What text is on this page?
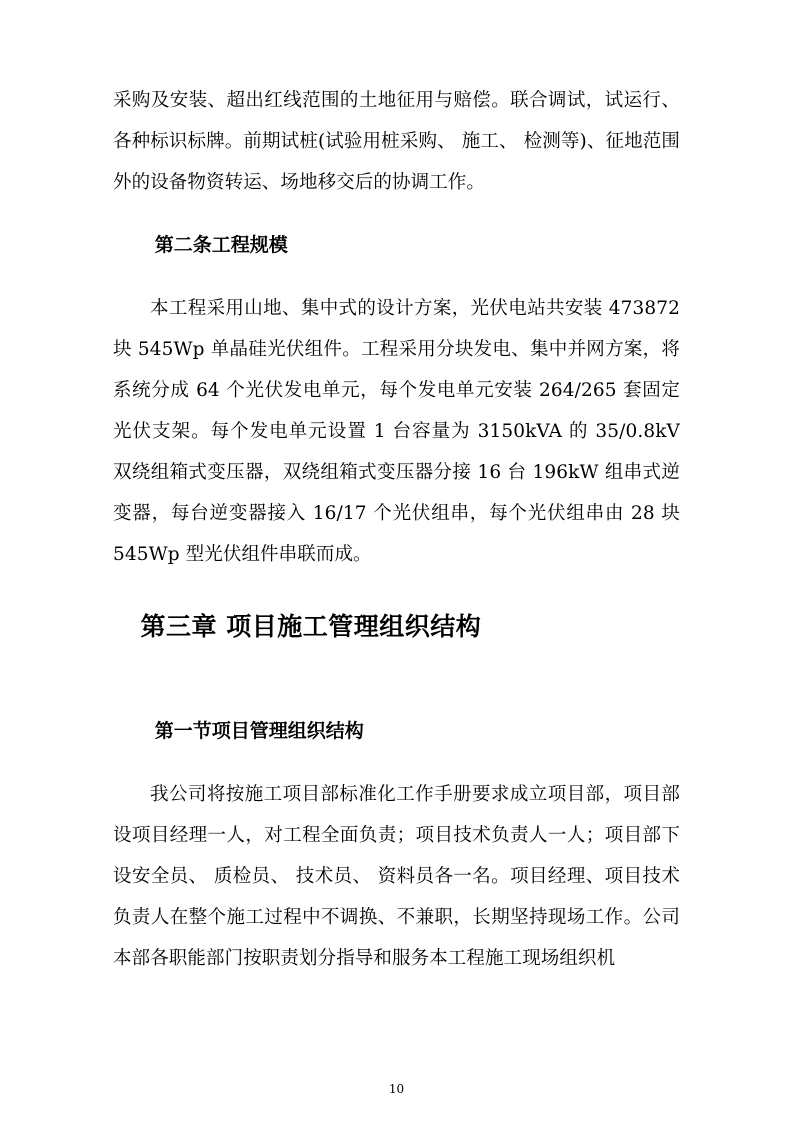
采购及安装、超出红线范围的土地征用与赔偿。联合调试，试运行、各种标识标牌。前期试桩(试验用桩采购、 施工、 检测等)、征地范围外的设备物资转运、场地移交后的协调工作。

第二条工程规模

本工程采用山地、集中式的设计方案，光伏电站共安装 473872 块 545Wp 单晶硅光伏组件。工程采用分块发电、集中并网方案，将系统分成 64 个光伏发电单元，每个发电单元安装 264/265 套固定光伏支架。每个发电单元设置 1 台容量为 3150kVA 的 35/0.8kV 双绕组箱式变压器，双绕组箱式变压器分接 16 台 196kW 组串式逆变器，每台逆变器接入 16/17 个光伏组串，每个光伏组串由 28 块 545Wp 型光伏组件串联而成。

第三章 项目施工管理组织结构
第一节项目管理组织结构

我公司将按施工项目部标准化工作手册要求成立项目部，项目部设项目经理一人，对工程全面负责；项目技术负责人一人；项目部下设安全员、 质检员、 技术员、 资料员各一名。项目经理、项目技术负责人在整个施工过程中不调换、不兼职，长期坚持现场工作。公司本部各职能部门按职责划分指导和服务本工程施工现场组织机

10
